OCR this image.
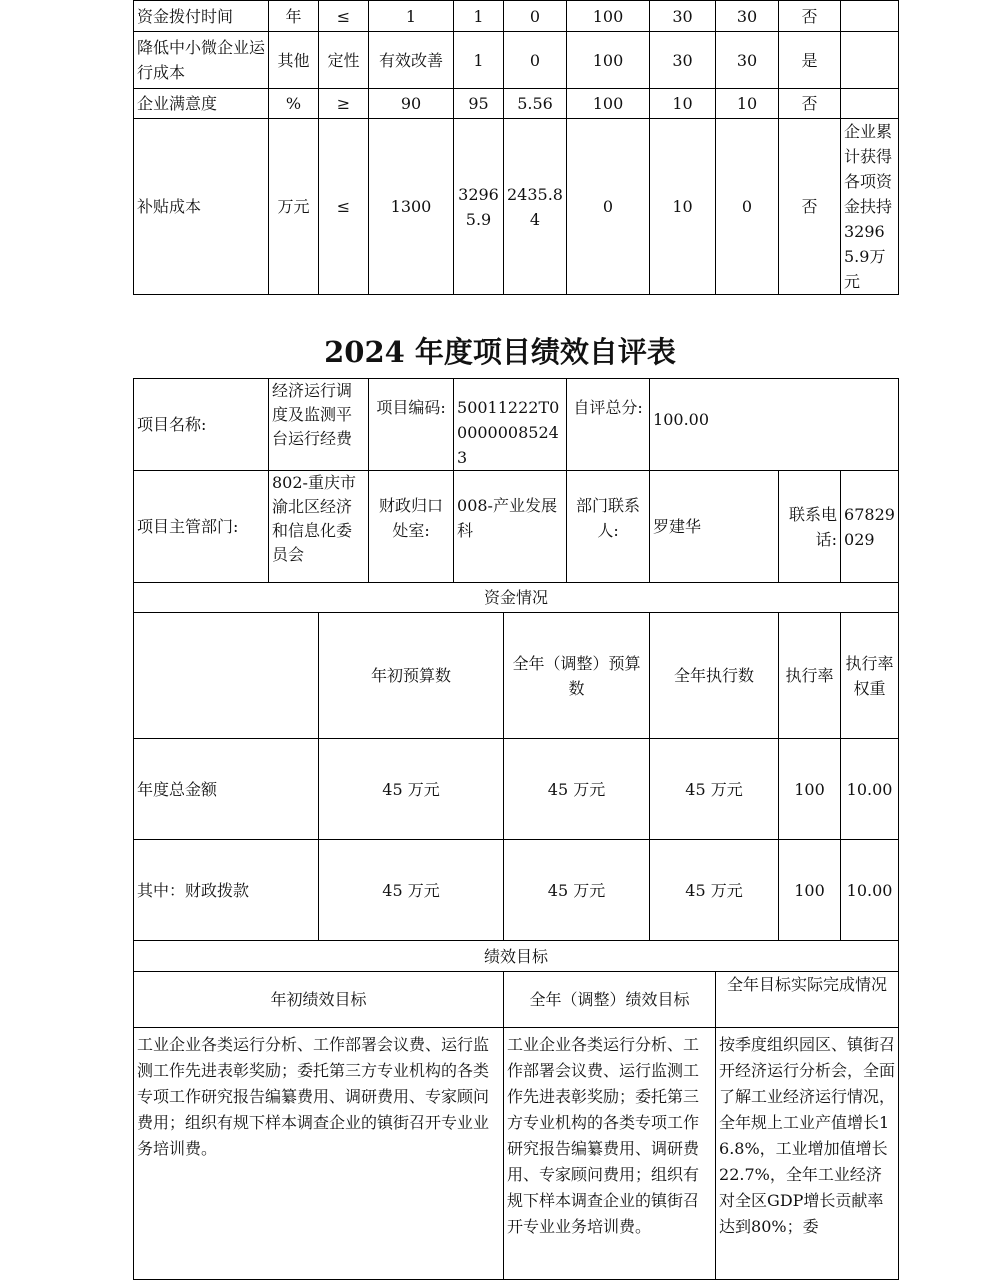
资金拨付时间	年	≤	1	1	0	100	30	30	否	
降低中小微企业运行成本	其他	定性	有效改善	1	0	100	30	30	是	
企业满意度	%	≥	90	95	5.56	100	10	10	否	
补贴成本	万元	≤	1300	32965.9	2435.84	0	10	0	否	企业累计获得各项资金扶持32965.9万元
2024 年度项目绩效自评表
项目名称:	经济运行调度及监测平台运行经费		项目编码:	50011222T000000085243		自评总分:	100.00				
项目主管部门:	802-重庆市渝北区经济和信息化委员会		财政归口处室:	008-产业发展科		部门联系人:	罗建华		联系电话:	67829029	
资金情况											
		年初预算数			全年（调整）预算数		全年执行数		执行率	执行率权重	
年度总金额		45 万元			45 万元		45 万元		100	10.00	
其中：财政拨款		45 万元			45 万元		45 万元		100	10.00	
绩效目标											
年初绩效目标					全年（调整）绩效目标			全年目标实际完成情况			
工业企业各类运行分析、工作部署会议费、运行监测工作先进表彰奖励；委托第三方专业机构的各类专项工作研究报告编纂费用、调研费用、专家顾问费用；组织有规下样本调查企业的镇街召开专业业务培训费。					工业企业各类运行分析、工作部署会议费、运行监测工作先进表彰奖励；委托第三方专业机构的各类专项工作研究报告编纂费用、调研费用、专家顾问费用；组织有规下样本调查企业的镇街召开专业业务培训费。			按季度组织园区、镇街召开经济运行分析会，全面了解工业经济运行情况，全年规上工业产值增长16.8%，工业增加值增长22.7%，全年工业经济对全区GDP增长贡献率达到80%；委			
